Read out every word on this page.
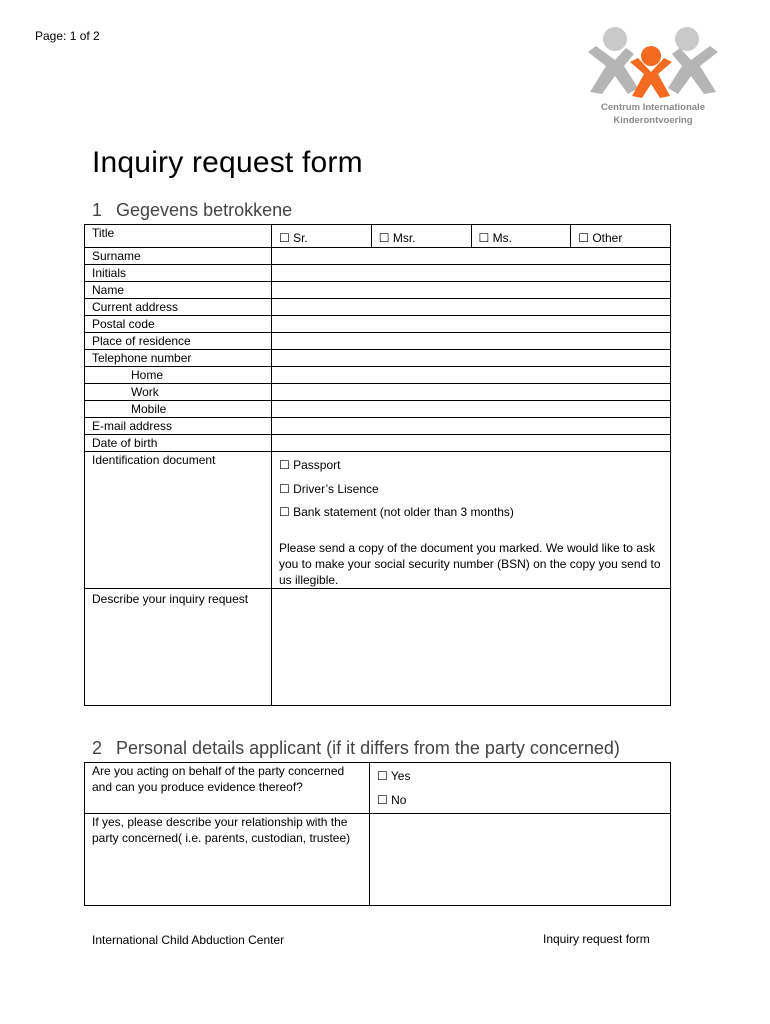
Page: 1 of 2
Centrum Internationale
Kinderontvoering
Inquiry request form
1 Gegevens betrokkene
Title	☐ Sr.	☐ Msr.	☐ Ms.	☐ Other
Surname				
Initials				
Name				
Current address				
Postal code				
Place of residence				
Telephone number				
Home				
Work				
Mobile				
E-mail address				
Date of birth				
Identification document	☐ Passport
☐ Driver’s Lisence
☐ Bank statement (not older than 3 months)
Please send a copy of the document you marked. We would like to ask you to make your social security number (BSN) on the copy you send to us illegible.			

Describe your inquiry request				
2 Personal details applicant (if it differs from the party concerned)
Are you acting on behalf of the party concerned and can you produce evidence thereof?	☐ Yes
☐ No

If yes, please describe your relationship with the party concerned( i.e. parents, custodian, trustee)	
International Child Abduction Center	Inquiry request form
